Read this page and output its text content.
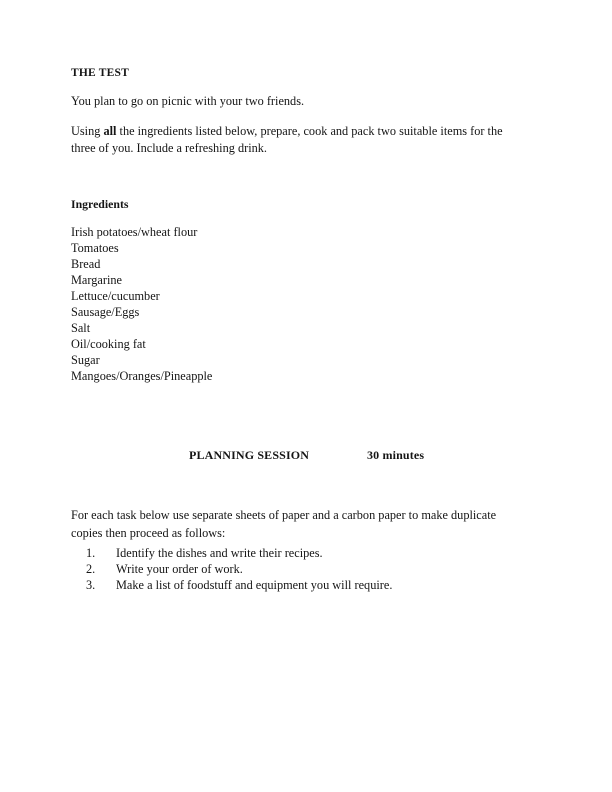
THE TEST

You plan to go on picnic with your two friends.

Using all the ingredients listed below, prepare, cook and pack two suitable items for the three of you. Include a refreshing drink.

Ingredients
Irish potatoes/wheat flour
Tomatoes
Bread
Margarine
Lettuce/cucumber
Sausage/Eggs
Salt
Oil/cooking fat
Sugar
Mangoes/Oranges/Pineapple
PLANNING SESSION	30 minutes

For each task below use separate sheets of paper and a carbon paper to make duplicate copies then proceed as follows:

1.	Identify the dishes and write their recipes.
2.	Write your order of work.
3.	Make a list of foodstuff and equipment you will require.
